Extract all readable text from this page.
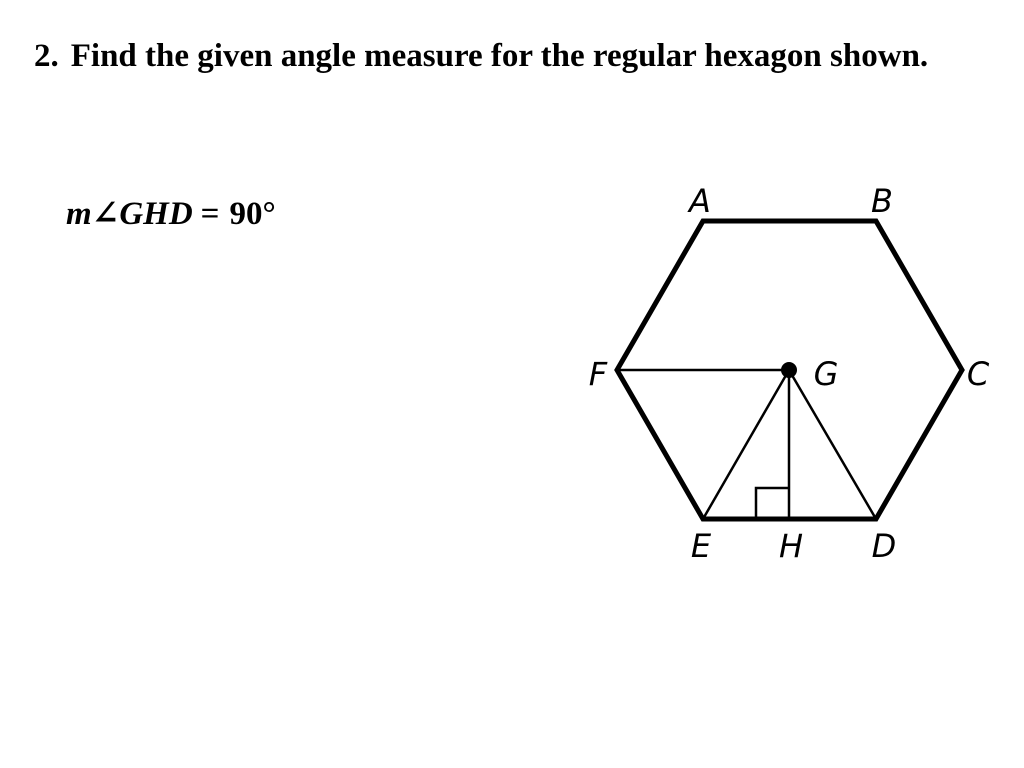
2. Find the given angle measure for the regular hexagon shown.

m∠GHD = 90°	A	B
C
D
E
F	G
H
